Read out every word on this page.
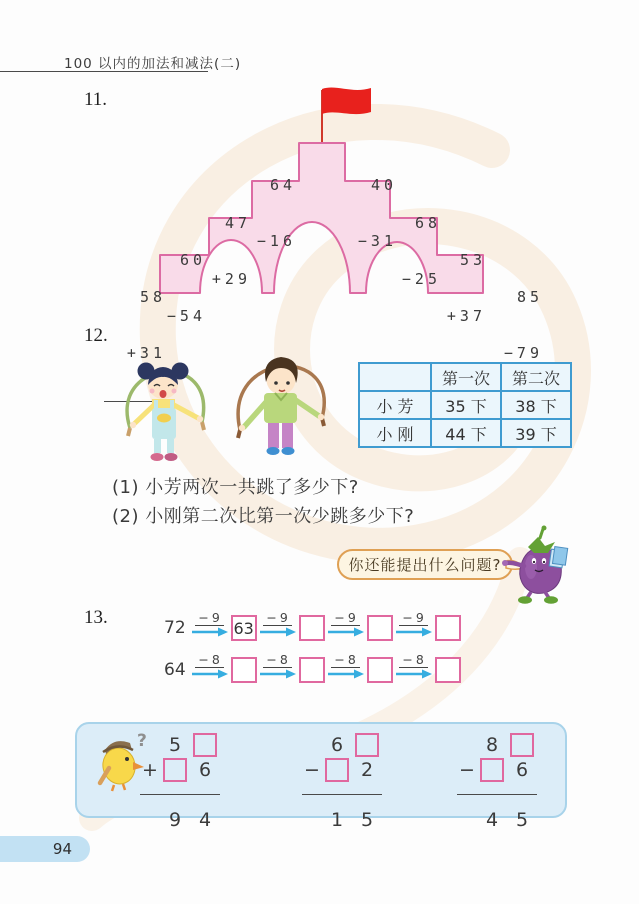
100 以内的加法和减法(二)
11.

58

+31

60

−54

47

+29

64

−16

40

−31

68

−25

53

+37

85

−79

12.
	第一次	第二次
小 芳	35 下	38 下
小 刚	44 下	39 下
(1) 小芳两次一共跳了多少下?
(2) 小刚第二次比第一次少跳多少下?
你还能提出什么问题?
13.	72
−9
63
−9	−9	−9
64
−8	−8	−8	−8
? 5
+ 6
9 4
6
− 2
1 5
8
− 6
4 5
94
